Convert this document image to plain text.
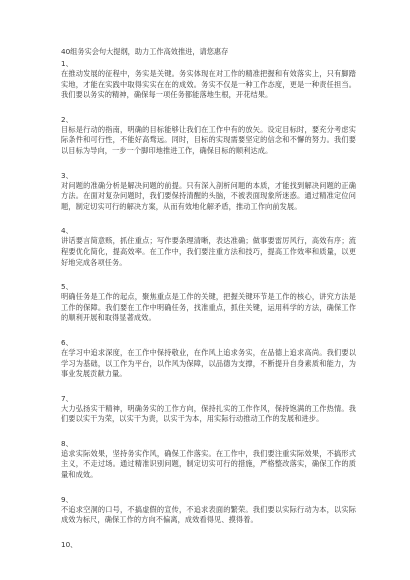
40组务实会句大提纲，助力工作高效推进，请您惠存

1、

在推动发展的征程中，务实是关键。务实体现在对工作的精准把握和有效落实上，只有脚踏实地，才能在实践中取得实实在在的成效。务实不仅是一种工作态度，更是一种责任担当。我们要以务实的精神，确保每一项任务都能落地生根，开花结果。

2、

目标是行动的指南，明确的目标能够让我们在工作中有的放矢。设定目标时，要充分考虑实际条件和可行性，不能好高骛远。同时，目标的实现需要坚定的信念和不懈的努力。我们要以目标为导向，一步一个脚印地推进工作，确保目标的顺利达成。

3、

对问题的准确分析是解决问题的前提。只有深入剖析问题的本质，才能找到解决问题的正确方法。在面对复杂问题时，我们要保持清醒的头脑，不被表面现象所迷惑。通过精准定位问题，制定切实可行的解决方案，从而有效地化解矛盾，推动工作向前发展。

4、

讲话要言简意赅，抓住重点；写作要条理清晰，表达准确；做事要雷厉风行，高效有序；流程要优化简化，提高效率。在工作中，我们要注重方法和技巧，提高工作效率和质量，以更好地完成各项任务。

5、

明确任务是工作的起点，聚焦重点是工作的关键，把握关键环节是工作的核心，讲究方法是工作的保障。我们要在工作中明确任务，找准重点，抓住关键，运用科学的方法，确保工作的顺利开展和取得显著成效。

6、

在学习中追求深度，在工作中保持敬业，在作风上追求务实，在品德上追求高尚。我们要以学习为基础，以工作为平台，以作风为保障，以品德为支撑，不断提升自身素质和能力，为事业发展贡献力量。

7、

大力弘扬实干精神，明确务实的工作方向，保持扎实的工作作风，保持饱满的工作热情。我们要以实干为荣，以实干为责，以实干为本，用实际行动推动工作的发展和进步。

8、

追求实际效果，坚持务实作风，确保工作落实。在工作中，我们要注重实际效果，不搞形式主义，不走过场。通过精准识别问题，制定切实可行的措施，严格整改落实，确保工作的质量和成效。

9、

不追求空洞的口号，不搞虚假的宣传，不追求表面的繁荣。我们要以实际行动为本，以实际成效为标尺，确保工作的方向不偏离，成效看得见、摸得着。

10、
